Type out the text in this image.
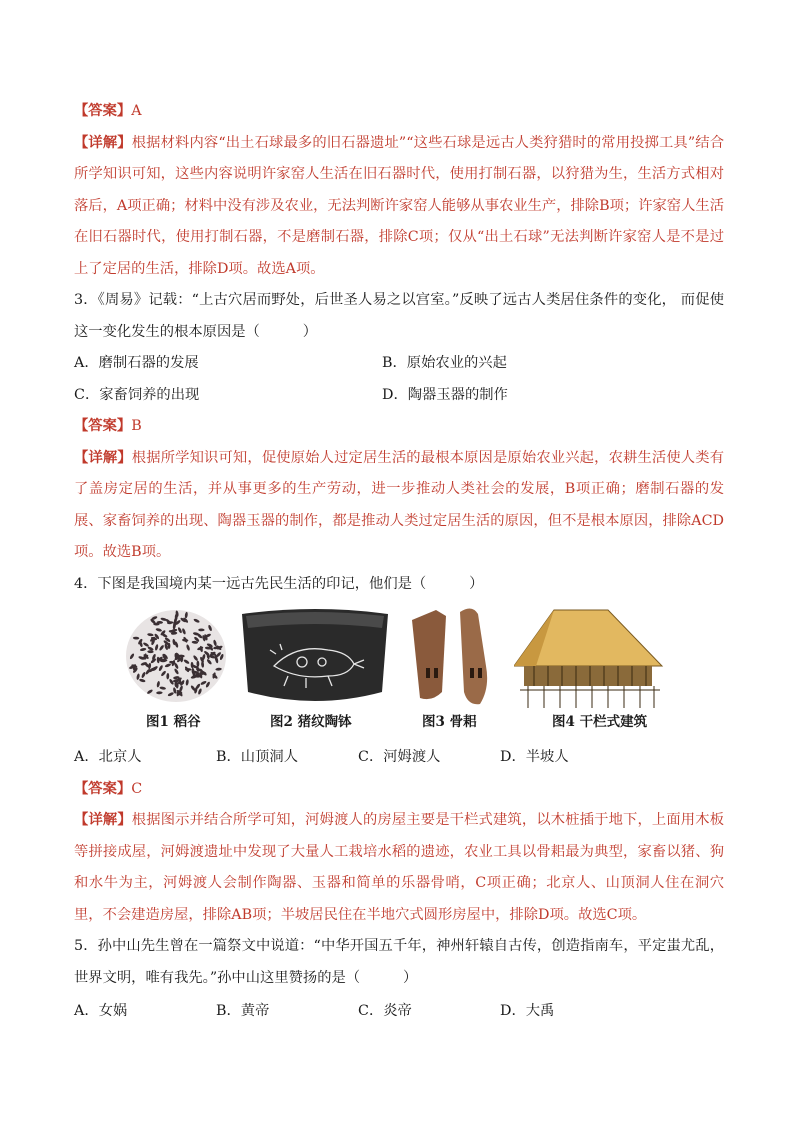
【答案】A

【详解】根据材料内容“出土石球最多的旧石器遗址”“这些石球是远古人类狩猎时的常用投掷工具”结合所学知识可知，这些内容说明许家窑人生活在旧石器时代，使用打制石器，以狩猎为生，生活方式相对落后，A项正确；材料中没有涉及农业，无法判断许家窑人能够从事农业生产，排除B项；许家窑人生活在旧石器时代，使用打制石器，不是磨制石器，排除C项；仅从“出土石球”无法判断许家窑人是不是过上了定居的生活，排除D项。故选A项。

3．《周易》记载：“上古穴居而野处，后世圣人易之以宫室。”反映了远古人类居住条件的变化， 而促使这一变化发生的根本原因是（　　　）

A．磨制石器的发展	B．原始农业的兴起
C．家畜饲养的出现	D．陶器玉器的制作

【答案】B

【详解】根据所学知识可知，促使原始人过定居生活的最根本原因是原始农业兴起，农耕生活使人类有了盖房定居的生活，并从事更多的生产劳动，进一步推动人类社会的发展，B项正确；磨制石器的发展、家畜饲养的出现、陶器玉器的制作，都是推动人类过定居生活的原因，但不是根本原因，排除ACD项。故选B项。

4．下图是我国境内某一远古先民生活的印记，他们是（　　　）

图1 稻谷	图2 猪纹陶钵	图3 骨耜	图4 干栏式建筑
A．北京人	B．山顶洞人	C．河姆渡人	D．半坡人

【答案】C

【详解】根据图示并结合所学可知，河姆渡人的房屋主要是干栏式建筑，以木桩插于地下，上面用木板等拼接成屋，河姆渡遗址中发现了大量人工栽培水稻的遗迹，农业工具以骨耜最为典型，家畜以猪、狗和水牛为主，河姆渡人会制作陶器、玉器和简单的乐器骨哨，C项正确；北京人、山顶洞人住在洞穴里，不会建造房屋，排除AB项；半坡居民住在半地穴式圆形房屋中，排除D项。故选C项。

5．孙中山先生曾在一篇祭文中说道：“中华开国五千年，神州轩辕自古传，创造指南车，平定蚩尤乱，世界文明，唯有我先。”孙中山这里赞扬的是（　　　）

A．女娲	B．黄帝	C．炎帝	D．大禹
